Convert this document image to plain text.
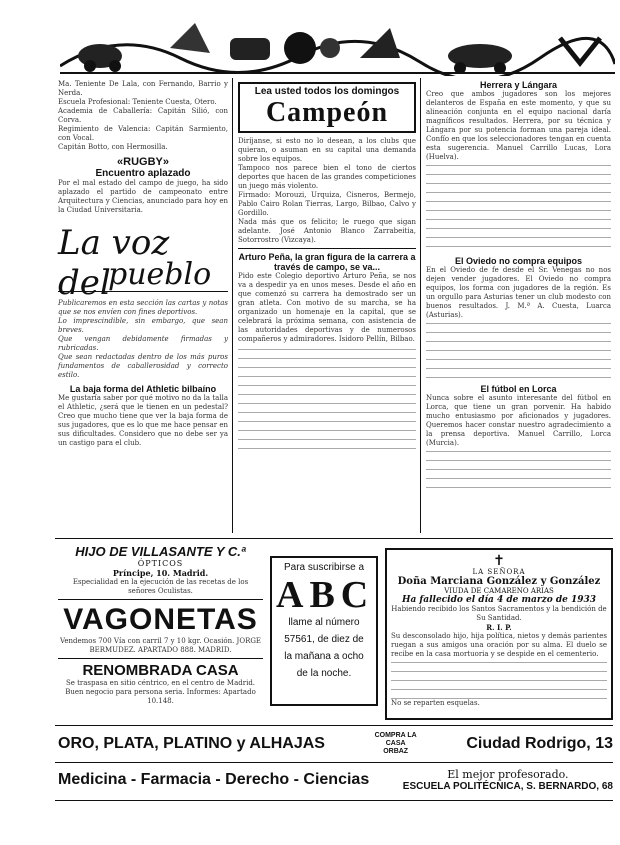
Ma. Teniente De Lala, con Fernando, Barrio y Nerda.
Escuela Profesional: Teniente Cuesta, Otero.
Academia de Caballería: Capitán Silió, con Corva.
Regimiento de Valencia: Capitán Sarmiento, con Vocal.
Capitán Botto, con Hermosilla.
«RUGBY»
Encuentro aplazado
Por el mal estado del campo de juego, ha sido aplazado el partido de campeonato entre Arquitectura y Ciencias, anunciado para hoy en la Ciudad Universitaria.
La voz del
pueblo
Publicaremos en esta sección las cartas y notas que se nos envíen con fines deportivos.
Lo imprescindible, sin embargo, que sean breves.
Que vengan debidamente firmadas y rubricadas.
Que sean redactadas dentro de los más puros fundamentos de caballerosidad y correcto estilo.
La baja forma del Athletic bilbaíno
Me gustaría saber por qué motivo no da la talla el Athletic, ¿será que le tienen en un pedestal? Creo que mucho tiene que ver la baja forma de sus jugadores, que es lo que me hace pensar en sus dificultades. Considero que no debe ser ya un castigo para el club.
Lea usted todos los domingos
Campeón
Diríjanse, si esto no lo desean, a los clubs que quieran, o asuman en su capital una demanda sobre los equipos.
Tampoco nos parece bien el tono de ciertos deportes que hacen de las grandes competiciones un juego más violento.
Firmado: Morouzi, Urquiza, Cisneros, Bermejo, Pablo Cairo Rolan Tierras, Largo, Bilbao, Calvo y Gordillo.
Nada más que os felicito; le ruego que sigan adelante. José Antonio Blanco Zarrabeitia, Sotorrostro (Vizcaya).
Arturo Peña, la gran figura de la carrera a través de campo, se va...
Pido este Colegio deportivo Arturo Peña, se nos va a despedir ya en unos meses. Desde el año en que comenzó su carrera ha demostrado ser un gran atleta. Con motivo de su marcha, se ha organizado un homenaje en la capital, que se celebrará la próxima semana, con asistencia de las autoridades deportivas y de numerosos compañeros y admiradores. Isidoro Pellín, Bilbao.
Herrera y Lángara
Creo que ambos jugadores son los mejores delanteros de España en este momento, y que su alineación conjunta en el equipo nacional daría magníficos resultados. Herrera, por su técnica y Lángara por su potencia forman una pareja ideal. Confío en que los seleccionadores tengan en cuenta esta sugerencia. Manuel Carrillo Lucas, Lora (Huelva).
El Oviedo no compra equipos
En el Oviedo de fe desde el Sr. Venegas no nos dejen vender jugadores. El Oviedo no compra equipos, los forma con jugadores de la región. Es un orgullo para Asturias tener un club modesto con buenos resultados. J. M.ª A. Cuesta, Luarca (Asturias).
El fútbol en Lorca
Nunca sobre el asunto interesante del fútbol en Lorca, que tiene un gran porvenir. Ha habido mucho entusiasmo por aficionados y jugadores. Queremos hacer constar nuestro agradecimiento a la prensa deportiva. Manuel Carrillo, Lorca (Murcia).
HIJO DE VILLASANTE Y C.ª
ÓPTICOS
Príncipe, 10. Madrid.
Especialidad en la ejecución de las recetas de los señores Oculistas.
VAGONETAS
Vendemos 700 Vía con carril 7 y 10 kgr. Ocasión. JORGE BERMUDEZ. APARTADO 888. MADRID.
RENOMBRADA CASA
Se traspasa en sitio céntrico, en el centro de Madrid. Buen negocio para persona seria. Informes: Apartado 10.148.
Para suscribirse a
ABC
llame al número
57561, de diez de
la mañana a ocho
de la noche.
✝
LA SEÑORA
Doña Marciana González y González
VIUDA DE CAMARENO ARIAS
Ha fallecido el día 4 de marzo de 1933
Habiendo recibido los Santos Sacramentos y la bendición de Su Santidad.
R. I. P.
Su desconsolado hijo, hija política, nietos y demás parientes ruegan a sus amigos una oración por su alma. El duelo se recibe en la casa mortuoria y se despide en el cementerio.
No se reparten esquelas.
ORO, PLATA, PLATINO y ALHAJAS	COMPRA LA CASA ORBAZ	Ciudad Rodrigo, 13
Medicina - Farmacia - Derecho - Ciencias	El mejor profesorado.
ESCUELA POLITÉCNICA, S. BERNARDO, 68
